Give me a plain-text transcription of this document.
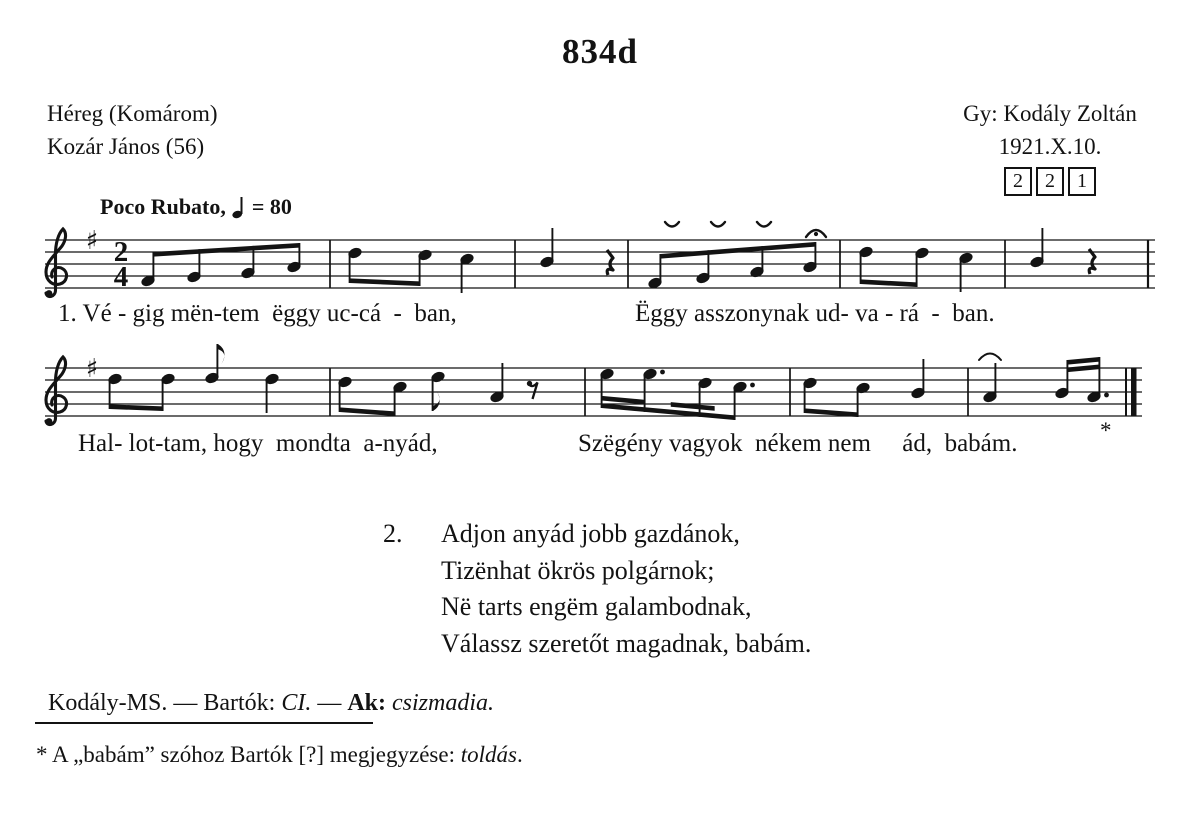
♯ 2
4
♯
834d
Héreg (Komárom)
Kozár János (56)
Gy: Kodály Zoltán
1921.X.10.
2	2	1
Poco Rubato, = 80
1. Vé - gig mën-tem  ëggy uc-cá  -  ban,	Ëggy asszonynak ud- va - rá  -  ban.
Hal- lot-tam, hogy  mondta  a-nyád,	Szëgény vagyok  nékem nem     ád,  babám.	*
2.	Adjon anyád jobb gazdánok,
Tizënhat ökrös polgárnok;
Në tarts engëm galambodnak,
Válassz szeretőt magadnak, babám.
Kodály-MS. — Bartók: CI. — Ak: csizmadia.
* A „babám” szóhoz Bartók [?] megjegyzése: toldás.
